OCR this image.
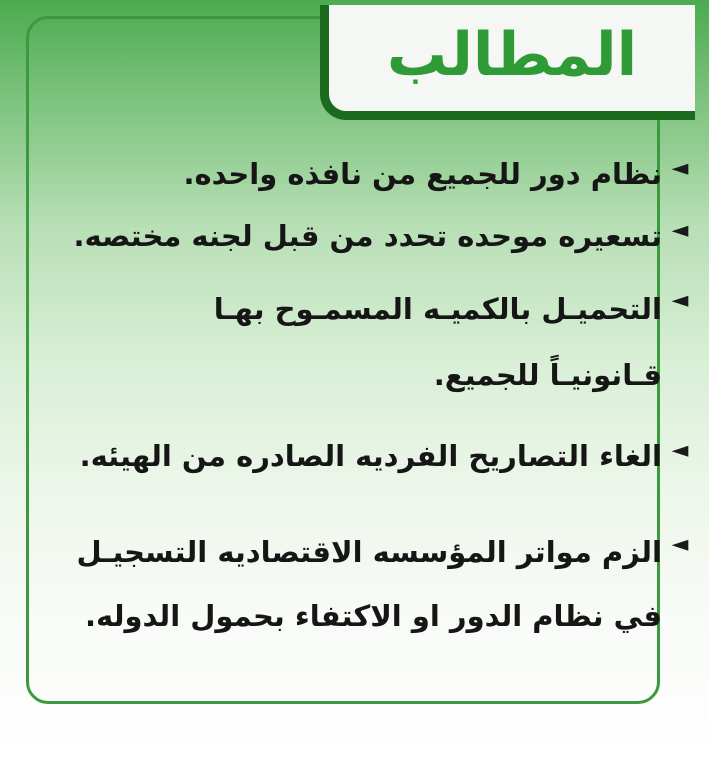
المطالب
◄
نظام دور للجميع من نافذه واحده.
◄
تسعيره موحده تحدد من قبل لجنه مختصه.
◄
التحميـل بالكميـه المسمـوح بهـا
قـانونيـاً للجميع.
◄
الغاء التصاريح الفرديه الصادره من الهيئه.
◄
الزم مواتر المؤسسه الاقتصاديه التسجيـل
في نظام الدور او الاكتفاء بحمول الدوله.
